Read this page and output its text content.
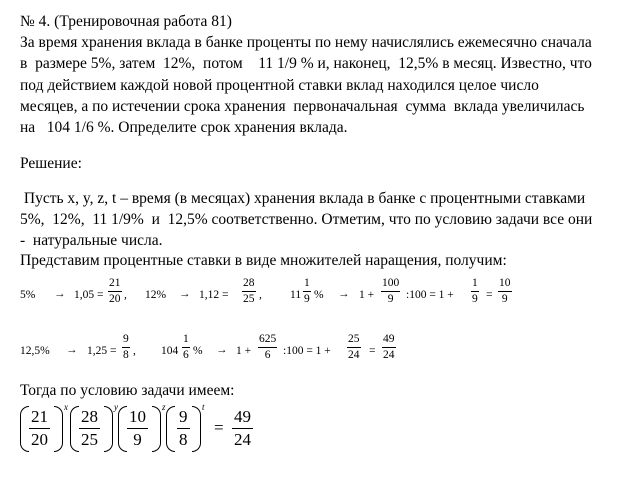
№ 4. (Тренировочная работа 81)
За время хранения вклада в банке проценты по нему начислялись ежемесячно сначала
в  размере 5%, затем  12%,  потом    11 1/9 % и, наконец,  12,5% в месяц. Известно, что
под действием каждой новой процентной ставки вклад находился целое число
месяцев, а по истечении срока хранения  первоначальная  сумма  вклада увеличилась
на   104 1/6 %. Определите срок хранения вклада.
Решение:
Пусть x, y, z, t – время (в месяцах) хранения вклада в банке с процентными ставками
5%,  12%,  11 1/9%  и  12,5% соответственно. Отметим, что по условию задачи все они
-  натуральные числа.
Представим процентные ставки в виде множителей наращения, получим:
5% → 1,05 =
21
20 , 12% → 1,12 =
28
25 , 11
1
9 % → 1 +
100
9 :100 = 1 +
1
9 =
10
9
12,5% → 1,25 =
9
8 , 104
1
6 % → 1 +
625
6 :100 = 1 +
25
24 =
49
24
Тогда по условию задачи имеем:
21
20
x 28
25
y 10
9
z 9
8
t
=
49
24
